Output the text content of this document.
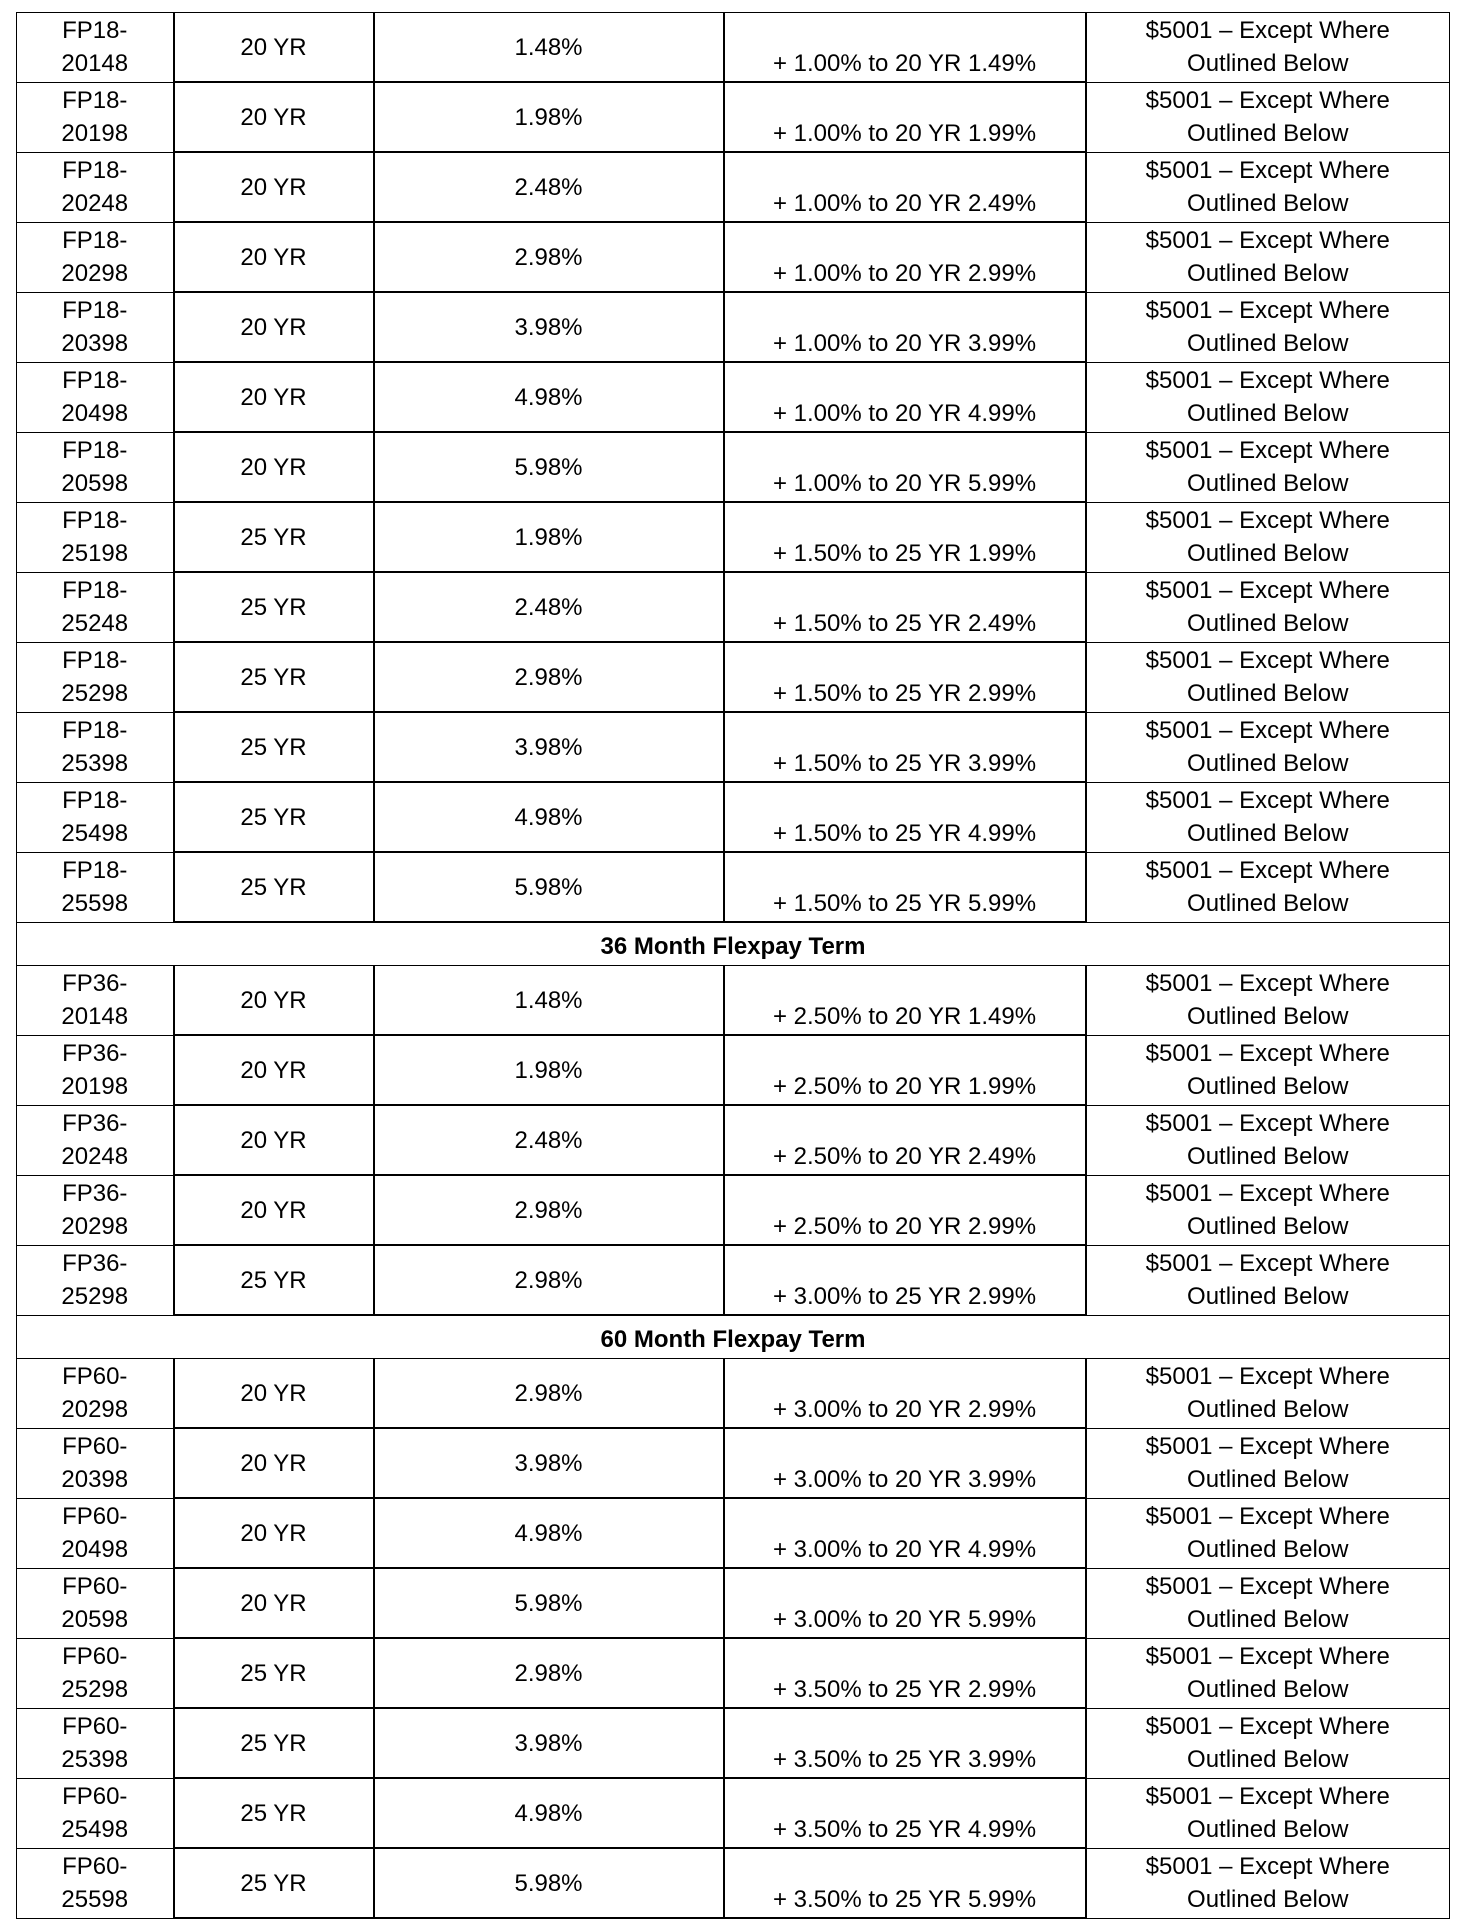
FP18-
20148	20 YR	1.48%	+ 1.00% to 20 YR 1.49%	$5001 – Except Where
Outlined Below

FP18-
20198	20 YR	1.98%	+ 1.00% to 20 YR 1.99%	$5001 – Except Where
Outlined Below

FP18-
20248	20 YR	2.48%	+ 1.00% to 20 YR 2.49%	$5001 – Except Where
Outlined Below

FP18-
20298	20 YR	2.98%	+ 1.00% to 20 YR 2.99%	$5001 – Except Where
Outlined Below

FP18-
20398	20 YR	3.98%	+ 1.00% to 20 YR 3.99%	$5001 – Except Where
Outlined Below

FP18-
20498	20 YR	4.98%	+ 1.00% to 20 YR 4.99%	$5001 – Except Where
Outlined Below

FP18-
20598	20 YR	5.98%	+ 1.00% to 20 YR 5.99%	$5001 – Except Where
Outlined Below

FP18-
25198	25 YR	1.98%	+ 1.50% to 25 YR 1.99%	$5001 – Except Where
Outlined Below

FP18-
25248	25 YR	2.48%	+ 1.50% to 25 YR 2.49%	$5001 – Except Where
Outlined Below

FP18-
25298	25 YR	2.98%	+ 1.50% to 25 YR 2.99%	$5001 – Except Where
Outlined Below

FP18-
25398	25 YR	3.98%	+ 1.50% to 25 YR 3.99%	$5001 – Except Where
Outlined Below

FP18-
25498	25 YR	4.98%	+ 1.50% to 25 YR 4.99%	$5001 – Except Where
Outlined Below

FP18-
25598	25 YR	5.98%	+ 1.50% to 25 YR 5.99%	$5001 – Except Where
Outlined Below

36 Month Flexpay Term				

FP36-
20148	20 YR	1.48%	+ 2.50% to 20 YR 1.49%	$5001 – Except Where
Outlined Below

FP36-
20198	20 YR	1.98%	+ 2.50% to 20 YR 1.99%	$5001 – Except Where
Outlined Below

FP36-
20248	20 YR	2.48%	+ 2.50% to 20 YR 2.49%	$5001 – Except Where
Outlined Below

FP36-
20298	20 YR	2.98%	+ 2.50% to 20 YR 2.99%	$5001 – Except Where
Outlined Below

FP36-
25298	25 YR	2.98%	+ 3.00% to 25 YR 2.99%	$5001 – Except Where
Outlined Below

60 Month Flexpay Term				

FP60-
20298	20 YR	2.98%	+ 3.00% to 20 YR 2.99%	$5001 – Except Where
Outlined Below

FP60-
20398	20 YR	3.98%	+ 3.00% to 20 YR 3.99%	$5001 – Except Where
Outlined Below

FP60-
20498	20 YR	4.98%	+ 3.00% to 20 YR 4.99%	$5001 – Except Where
Outlined Below

FP60-
20598	20 YR	5.98%	+ 3.00% to 20 YR 5.99%	$5001 – Except Where
Outlined Below

FP60-
25298	25 YR	2.98%	+ 3.50% to 25 YR 2.99%	$5001 – Except Where
Outlined Below

FP60-
25398	25 YR	3.98%	+ 3.50% to 25 YR 3.99%	$5001 – Except Where
Outlined Below

FP60-
25498	25 YR	4.98%	+ 3.50% to 25 YR 4.99%	$5001 – Except Where
Outlined Below

FP60-
25598	25 YR	5.98%	+ 3.50% to 25 YR 5.99%	$5001 – Except Where
Outlined Below
